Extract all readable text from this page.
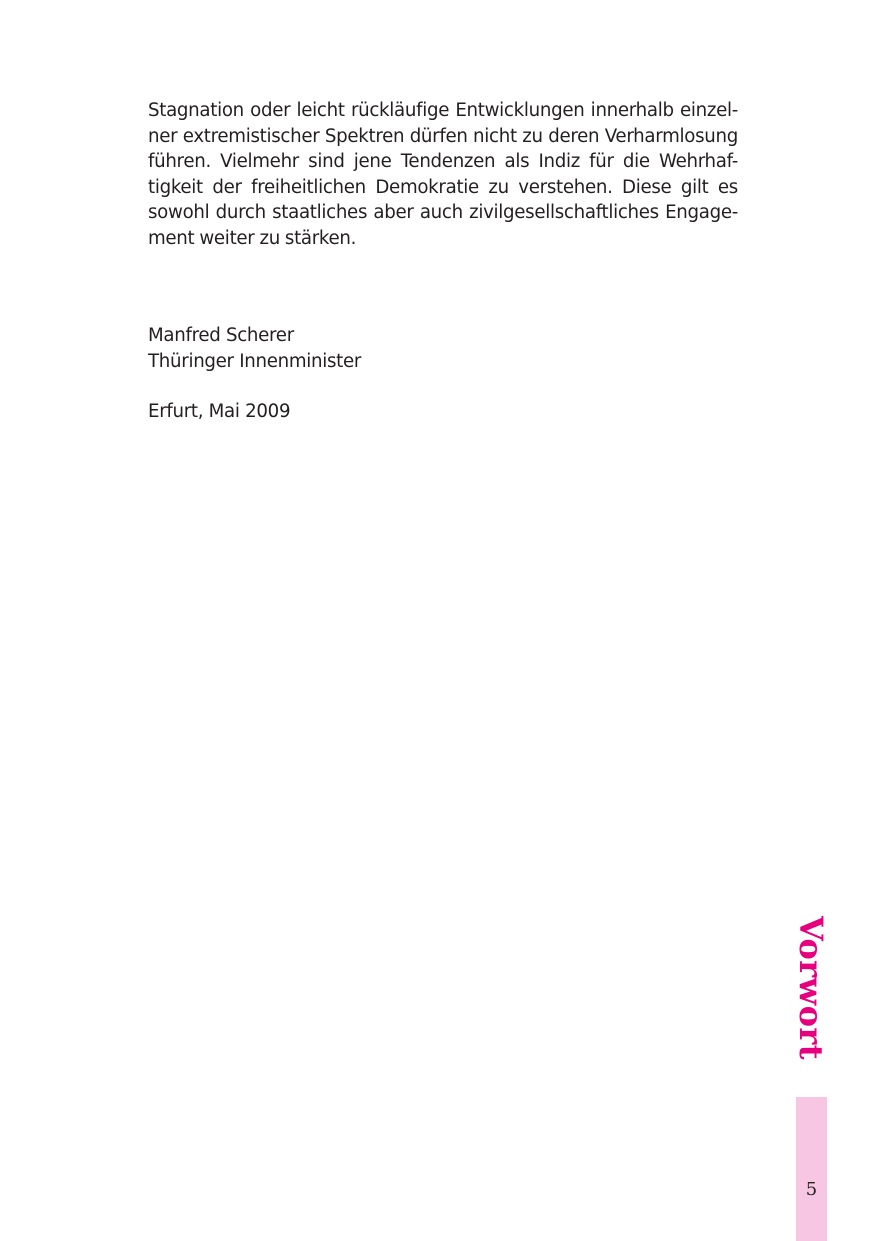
Stagnation oder leicht rückläufige Entwicklungen innerhalb einzel-
ner extremistischer Spektren dürfen nicht zu deren Verharmlosung
führen. Vielmehr sind jene Tendenzen als Indiz für die Wehrhaf-
tigkeit der freiheitlichen Demokratie zu verstehen. Diese gilt es
sowohl durch staatliches aber auch zivilgesellschaftliches Engage-
ment weiter zu stärken.

Manfred Scherer
Thüringer Innenminister
Erfurt, Mai 2009
Vorwort
5
